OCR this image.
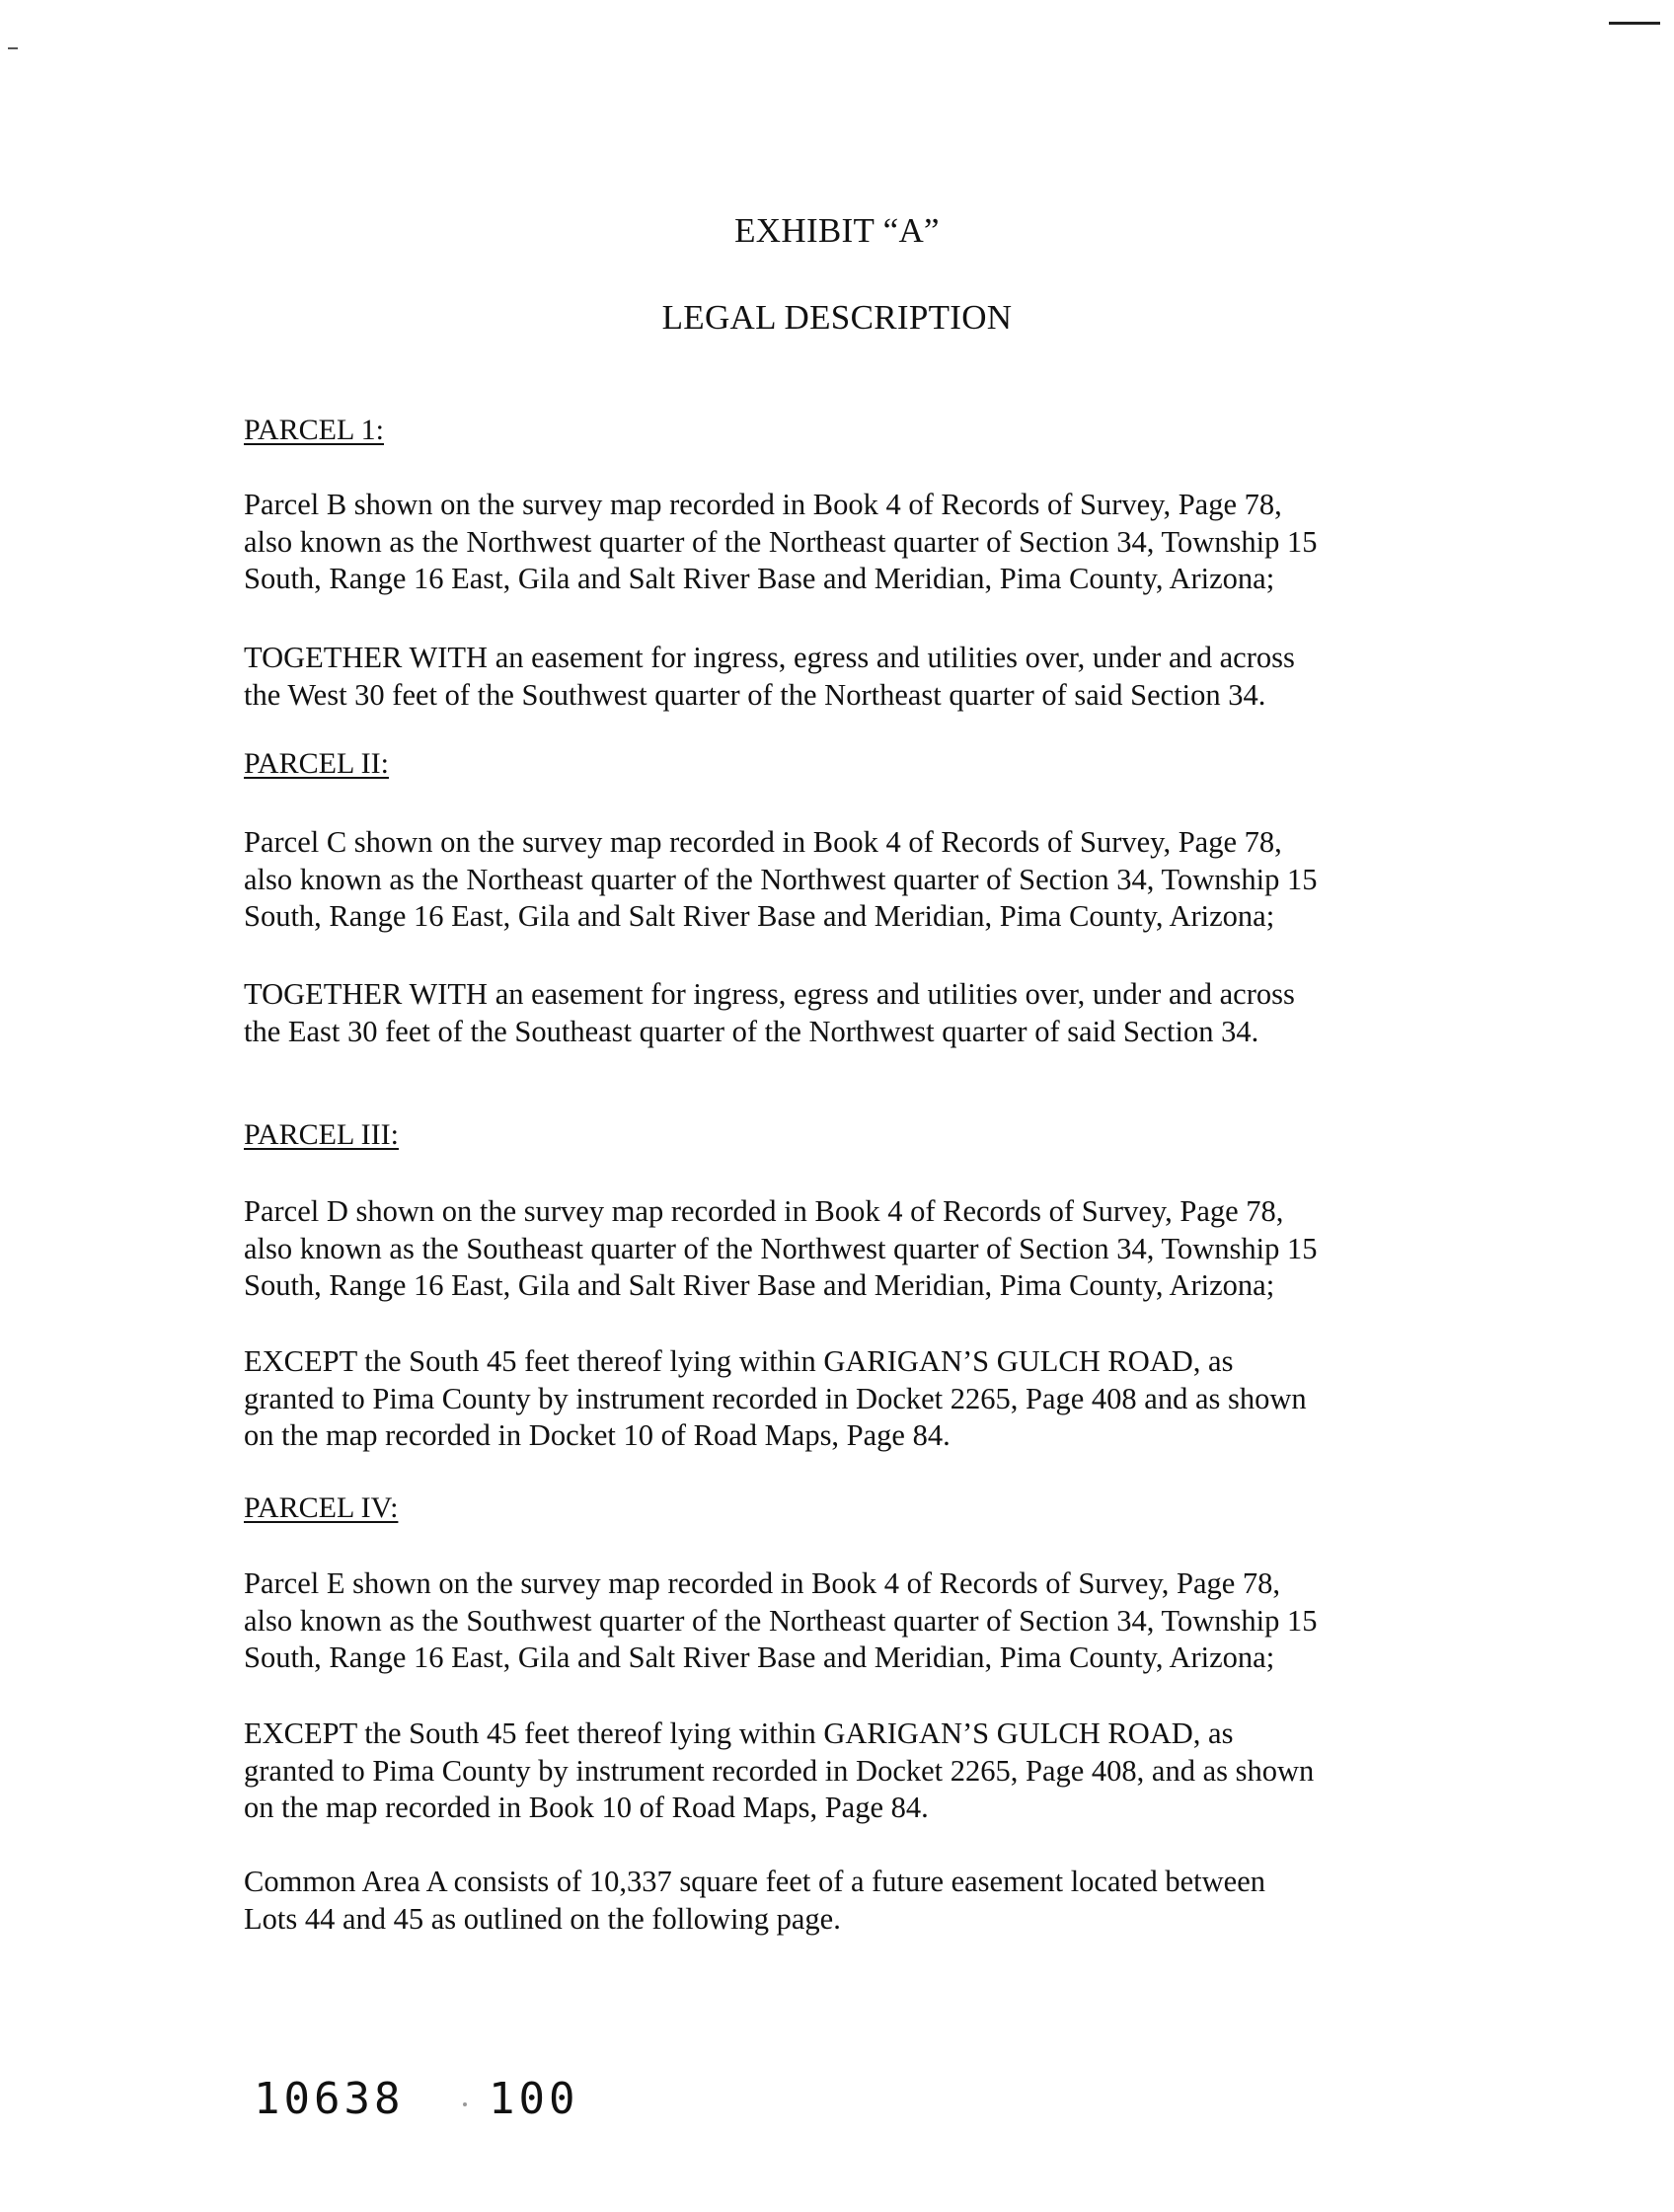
EXHIBIT “A”
LEGAL DESCRIPTION
PARCEL 1:

Parcel B shown on the survey map recorded in Book 4 of Records of Survey, Page 78,
also known as the Northwest quarter of the Northeast quarter of Section 34, Township 15
South, Range 16 East, Gila and Salt River Base and Meridian, Pima County, Arizona;

TOGETHER WITH an easement for ingress, egress and utilities over, under and across
the West 30 feet of the Southwest quarter of the Northeast quarter of said Section 34.

PARCEL II:

Parcel C shown on the survey map recorded in Book 4 of Records of Survey, Page 78,
also known as the Northeast quarter of the Northwest quarter of Section 34, Township 15
South, Range 16 East, Gila and Salt River Base and Meridian, Pima County, Arizona;

TOGETHER WITH an easement for ingress, egress and utilities over, under and across
the East 30 feet of the Southeast quarter of the Northwest quarter of said Section 34.

PARCEL III:

Parcel D shown on the survey map recorded in Book 4 of Records of Survey, Page 78,
also known as the Southeast quarter of the Northwest quarter of Section 34, Township 15
South, Range 16 East, Gila and Salt River Base and Meridian, Pima County, Arizona;

EXCEPT the South 45 feet thereof lying within GARIGAN’S GULCH ROAD, as
granted to Pima County by instrument recorded in Docket 2265, Page 408 and as shown
on the map recorded in Docket 10 of Road Maps, Page 84.

PARCEL IV:

Parcel E shown on the survey map recorded in Book 4 of Records of Survey, Page 78,
also known as the Southwest quarter of the Northeast quarter of Section 34, Township 15
South, Range 16 East, Gila and Salt River Base and Meridian, Pima County, Arizona;

EXCEPT the South 45 feet thereof lying within GARIGAN’S GULCH ROAD, as
granted to Pima County by instrument recorded in Docket 2265, Page 408, and as shown
on the map recorded in Book 10 of Road Maps, Page 84.

Common Area A consists of 10,337 square feet of a future easement located between
Lots 44 and 45 as outlined on the following page.

10638 100
